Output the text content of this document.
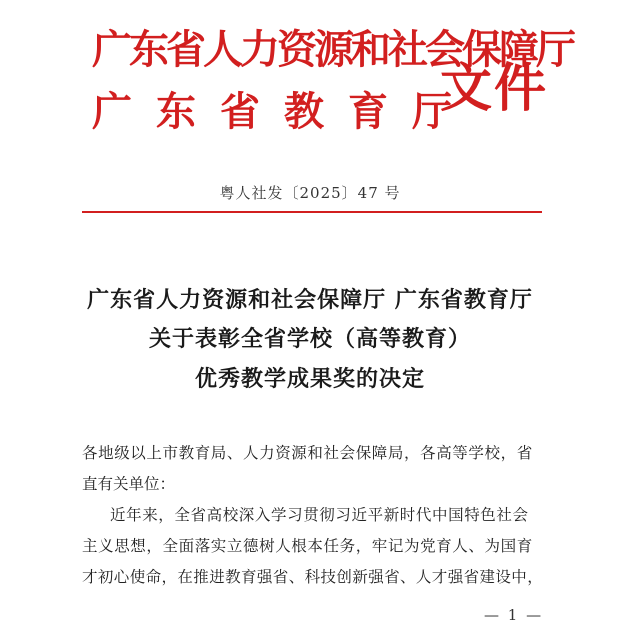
广东省人力资源和社会保障厅
广东省教育厅
文件
粤人社发〔2025〕47 号
广东省人力资源和社会保障厅 广东省教育厅
关于表彰全省学校（高等教育）
优秀教学成果奖的决定
各地级以上市教育局、人力资源和社会保障局，各高等学校，省
直有关单位：
近年来，全省高校深入学习贯彻习近平新时代中国特色社会
主义思想，全面落实立德树人根本任务，牢记为党育人、为国育
才初心使命，在推进教育强省、科技创新强省、人才强省建设中，
— 1 —
